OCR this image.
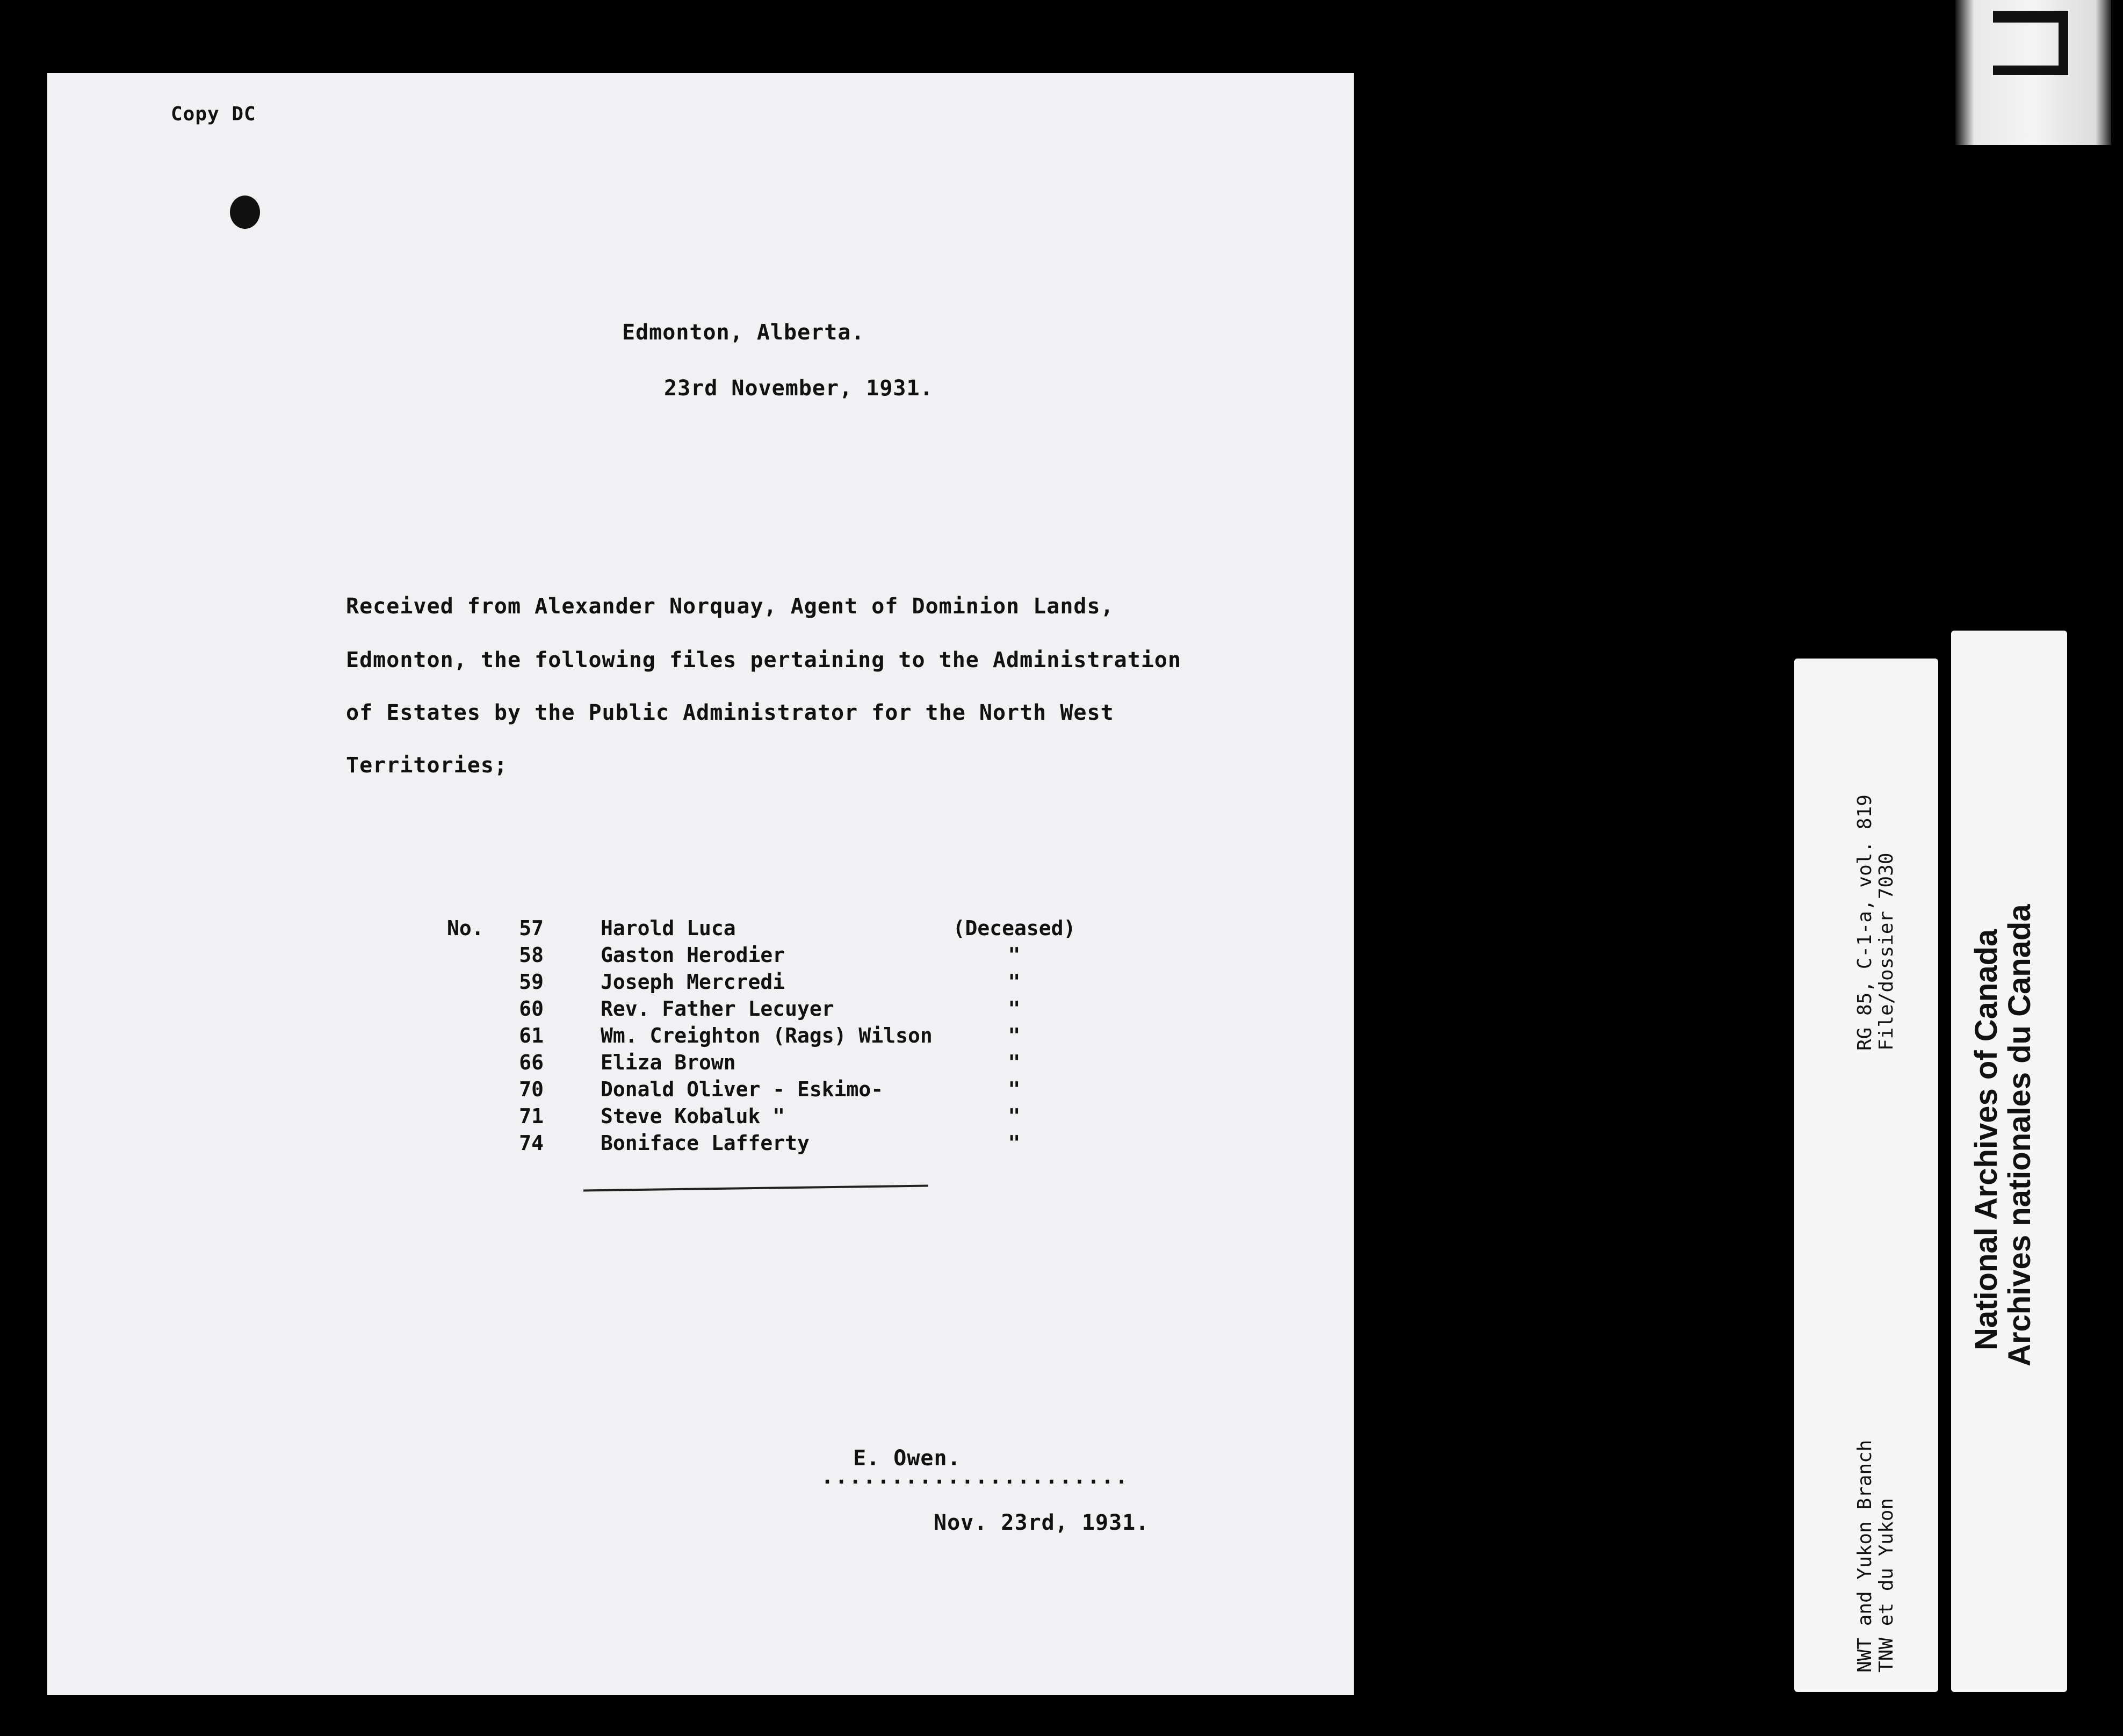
Copy DC
Edmonton, Alberta.
23rd November, 1931.
Received from Alexander Norquay, Agent of Dominion Lands,
Edmonton, the following files pertaining to the Administration
of Estates by the Public Administrator for the North West
Territories;
No.	57	Harold Luca	(Deceased)
58	Gaston Herodier	"
59	Joseph Mercredi	"
60	Rev. Father Lecuyer	"
61	Wm. Creighton (Rags) Wilson	"
66	Eliza Brown	"
70	Donald Oliver - Eskimo-	"
71	Steve Kobaluk "	"
74	Boniface Lafferty	"
E. Owen.
......................
Nov. 23rd, 1931.	NWT and Yukon Branch TNW et du Yukon
RG 85, C-1-a, vol. 819 File/dossier 7030 National Archives of Canada
Archives nationales du Canada
